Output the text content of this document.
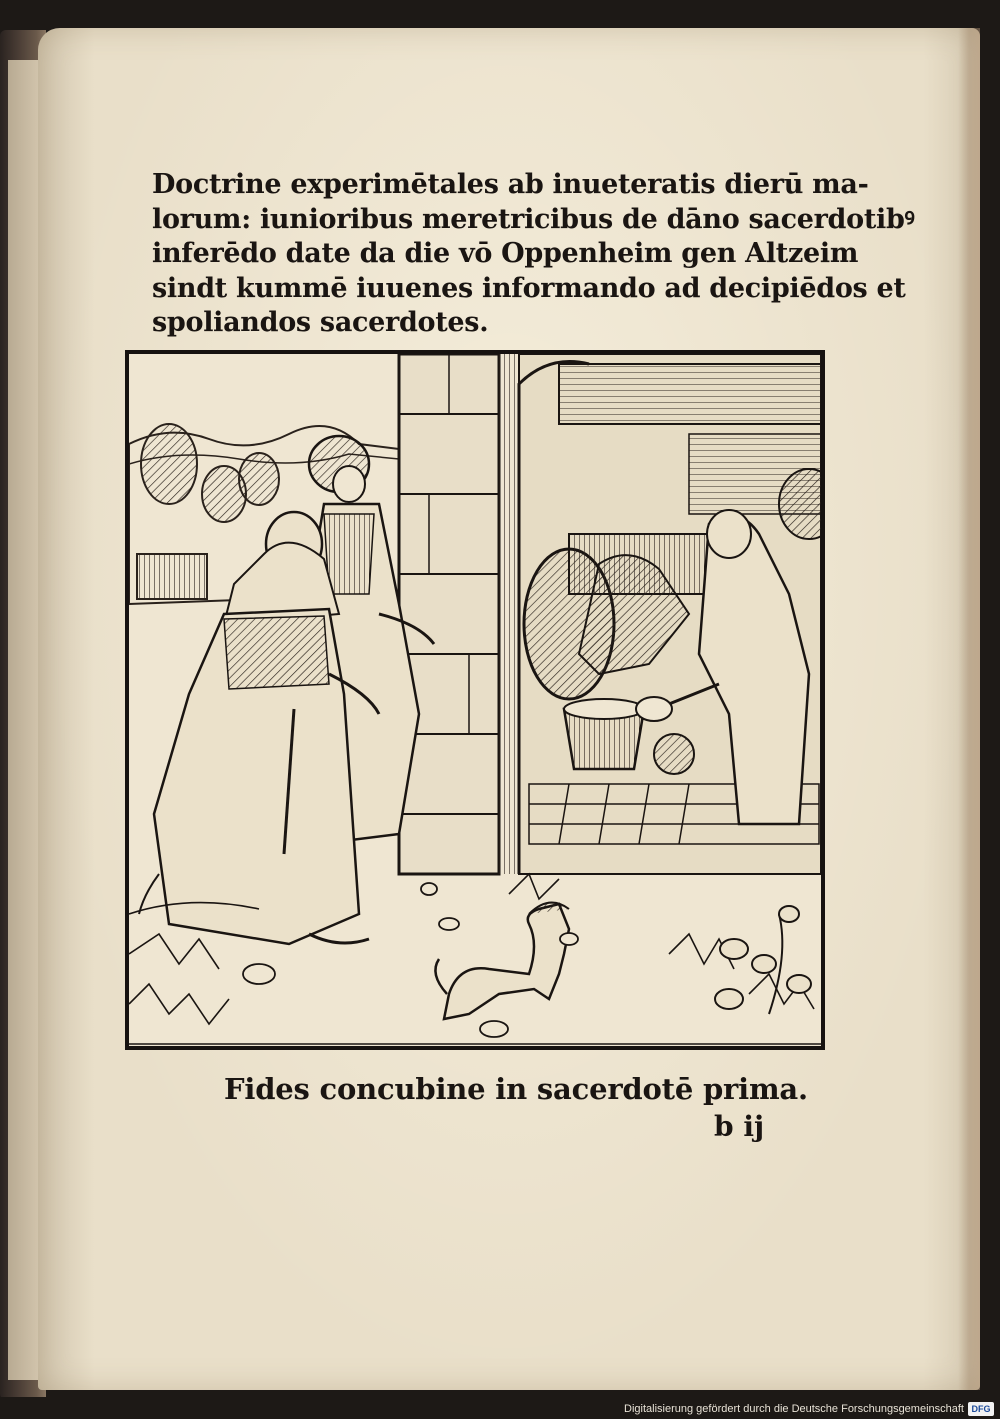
Doctrine experimētales ab inueteratis dierū ma-
lorum: iunioribus meretricibus de dāno sacerdotibꝰ
inferēdo date da die vō Oppenheim gen Altzeim
sindt kummē iuuenes informando ad decipiēdos et
spoliandos sacerdotes.
Fides concubine in sacerdotē prima.
b ij
Digitalisierung gefördert durch die Deutsche Forschungsgemeinschaft DFG
